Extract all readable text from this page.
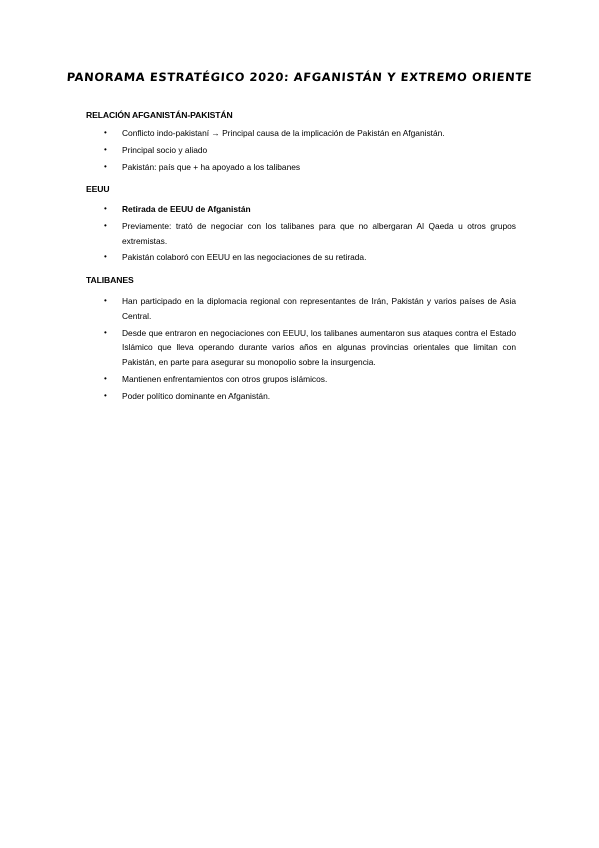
PANORAMA ESTRATÉGICO 2020: AFGANISTÁN Y EXTREMO ORIENTE
RELACIÓN AFGANISTÁN-PAKISTÁN
• Conflicto indo-pakistaní → Principal causa de la implicación de Pakistán en Afganistán.
• Principal socio y aliado
• Pakistán: país que + ha apoyado a los talibanes
EEUU
• Retirada de EEUU de Afganistán
• Previamente: trató de negociar con los talibanes para que no albergaran Al Qaeda u otros grupos extremistas.
• Pakistán colaboró con EEUU en las negociaciones de su retirada.
TALIBANES
• Han participado en la diplomacia regional con representantes de Irán, Pakistán y varios países de Asia Central.
• Desde que entraron en negociaciones con EEUU, los talibanes aumentaron sus ataques contra el Estado Islámico que lleva operando durante varios años en algunas provincias orientales que limitan con Pakistán, en parte para asegurar su monopolio sobre la insurgencia.
• Mantienen enfrentamientos con otros grupos islámicos.
• Poder político dominante en Afganistán.
